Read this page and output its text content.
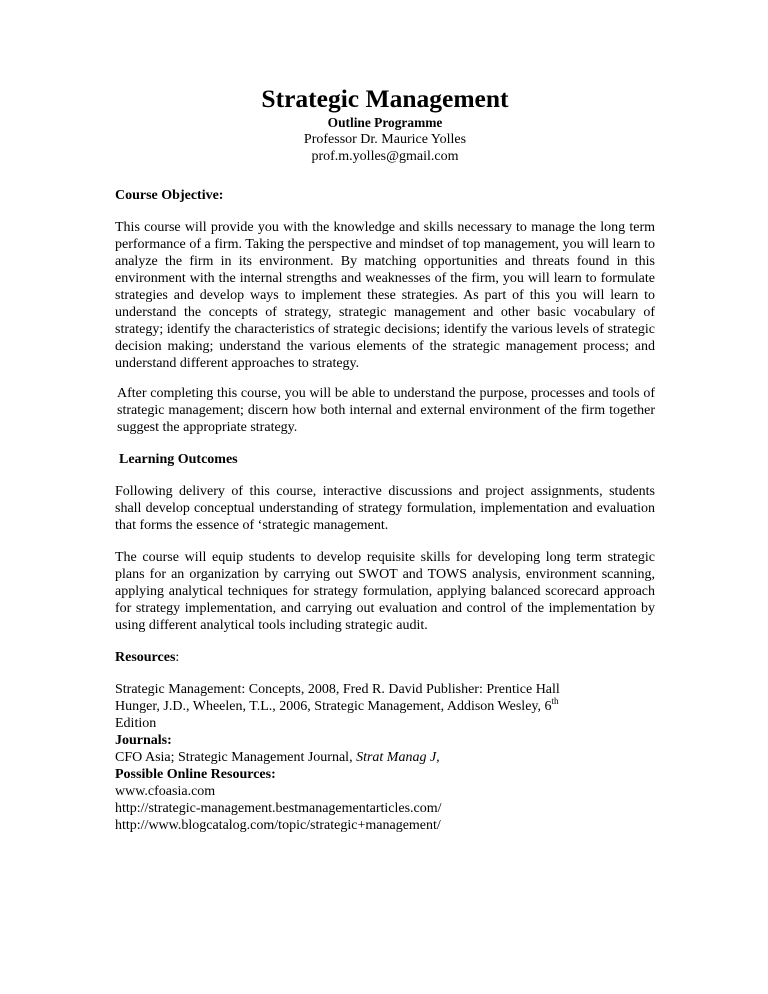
Strategic Management
Outline Programme
Professor Dr. Maurice Yolles
prof.m.yolles@gmail.com
Course Objective:

This course will provide you with the knowledge and skills necessary to manage the long term performance of a firm. Taking the perspective and mindset of top management, you will learn to analyze the firm in its environment. By matching opportunities and threats found in this environment with the internal strengths and weaknesses of the firm, you will learn to formulate strategies and develop ways to implement these strategies. As part of this you will learn to understand the concepts of strategy, strategic management and other basic vocabulary of strategy; identify the characteristics of strategic decisions; identify the various levels of strategic decision making; understand the various elements of the strategic management process; and understand different approaches to strategy.

After completing this course, you will be able to understand the purpose, processes and tools of strategic management; discern how both internal and external environment of the firm together suggest the appropriate strategy.

Learning Outcomes

Following delivery of this course, interactive discussions and project assignments, students shall develop conceptual understanding of strategy formulation, implementation and evaluation that forms the essence of ‘strategic management.

The course will equip students to develop requisite skills for developing long term strategic plans for an organization by carrying out SWOT and TOWS analysis, environment scanning, applying analytical techniques for strategy formulation, applying balanced scorecard approach for strategy implementation, and carrying out evaluation and control of the implementation by using different analytical tools including strategic audit.

Resources:
Strategic Management: Concepts, 2008, Fred R. David Publisher: Prentice Hall
Hunger, J.D., Wheelen, T.L., 2006, Strategic Management, Addison Wesley, 6th
Edition
Journals:
CFO Asia; Strategic Management Journal, Strat Manag J,
Possible Online Resources:
www.cfoasia.com
http://strategic-management.bestmanagementarticles.com/
http://www.blogcatalog.com/topic/strategic+management/
